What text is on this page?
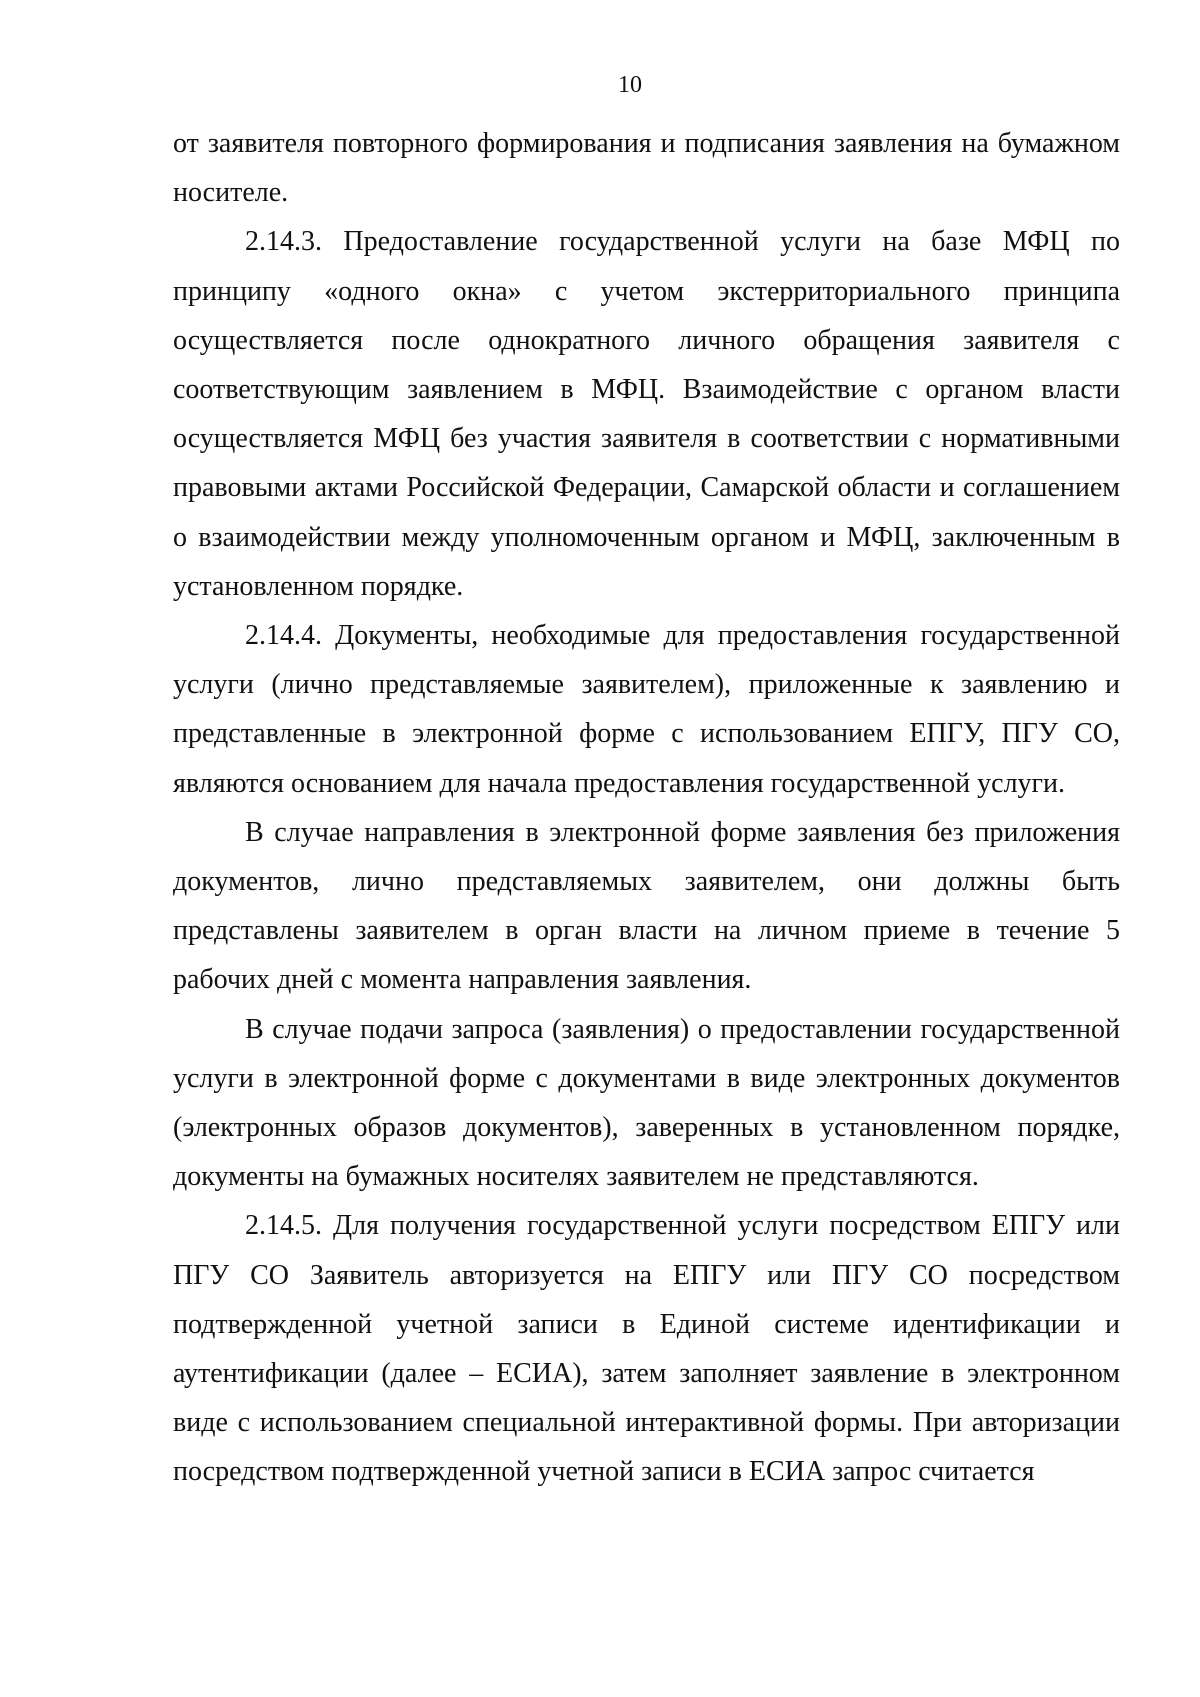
10

от заявителя повторного формирования и подписания заявления на бумажном носителе.

2.14.3. Предоставление государственной услуги на базе МФЦ по принципу «одного окна» с учетом экстерриториального принципа осуществляется после однократного личного обращения заявителя с соответствующим заявлением в МФЦ. Взаимодействие с органом власти осуществляется МФЦ без участия заявителя в соответствии с нормативными правовыми актами Российской Федерации, Самарской области и соглашением о взаимодействии между уполномоченным органом и МФЦ, заключенным в установленном порядке.

2.14.4. Документы, необходимые для предоставления государственной услуги (лично представляемые заявителем), приложенные к заявлению и представленные в электронной форме с использованием ЕПГУ, ПГУ СО, являются основанием для начала предоставления государственной услуги.

В случае направления в электронной форме заявления без приложения документов, лично представляемых заявителем, они должны быть представлены заявителем в орган власти на личном приеме в течение 5 рабочих дней с момента направления заявления.

В случае подачи запроса (заявления) о предоставлении государственной услуги в электронной форме с документами в виде электронных документов (электронных образов документов), заверенных в установленном порядке, документы на бумажных носителях заявителем не представляются.

2.14.5. Для получения государственной услуги посредством ЕПГУ или ПГУ СО Заявитель авторизуется на ЕПГУ или ПГУ СО посредством подтвержденной учетной записи в Единой системе идентификации и аутентификации (далее – ЕСИА), затем заполняет заявление в электронном виде с использованием специальной интерактивной формы. При авторизации посредством подтвержденной учетной записи в ЕСИА запрос считается
